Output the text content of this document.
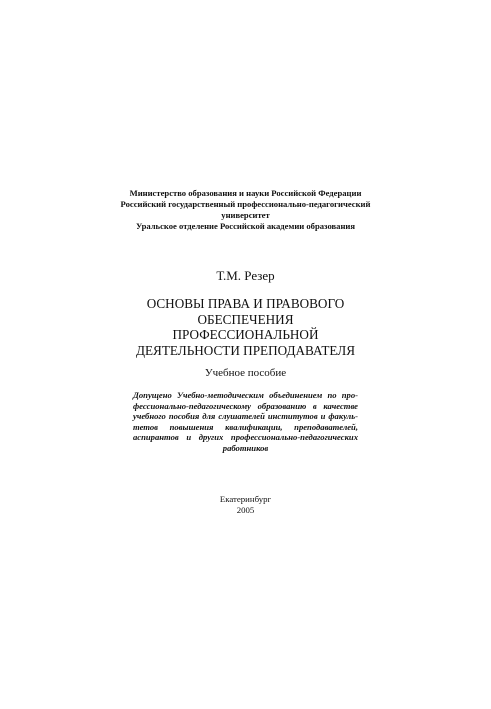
Министерство образования и науки Российской Федерации
Российский государственный профессионально-педагогический
университет
Уральское отделение Российской академии образования
Т.М. Резер
ОСНОВЫ ПРАВА И ПРАВОВОГО
ОБЕСПЕЧЕНИЯ
ПРОФЕССИОНАЛЬНОЙ
ДЕЯТЕЛЬНОСТИ ПРЕПОДАВАТЕЛЯ
Учебное пособие
Допущено Учебно-методическим объединением по про-
фессионально-педагогическому образованию в качестве
учебного пособия для слушателей институтов и факуль-
тетов повышения квалификации, преподавателей,
аспирантов и других профессионально-педагогических
работников
Екатеринбург
2005
